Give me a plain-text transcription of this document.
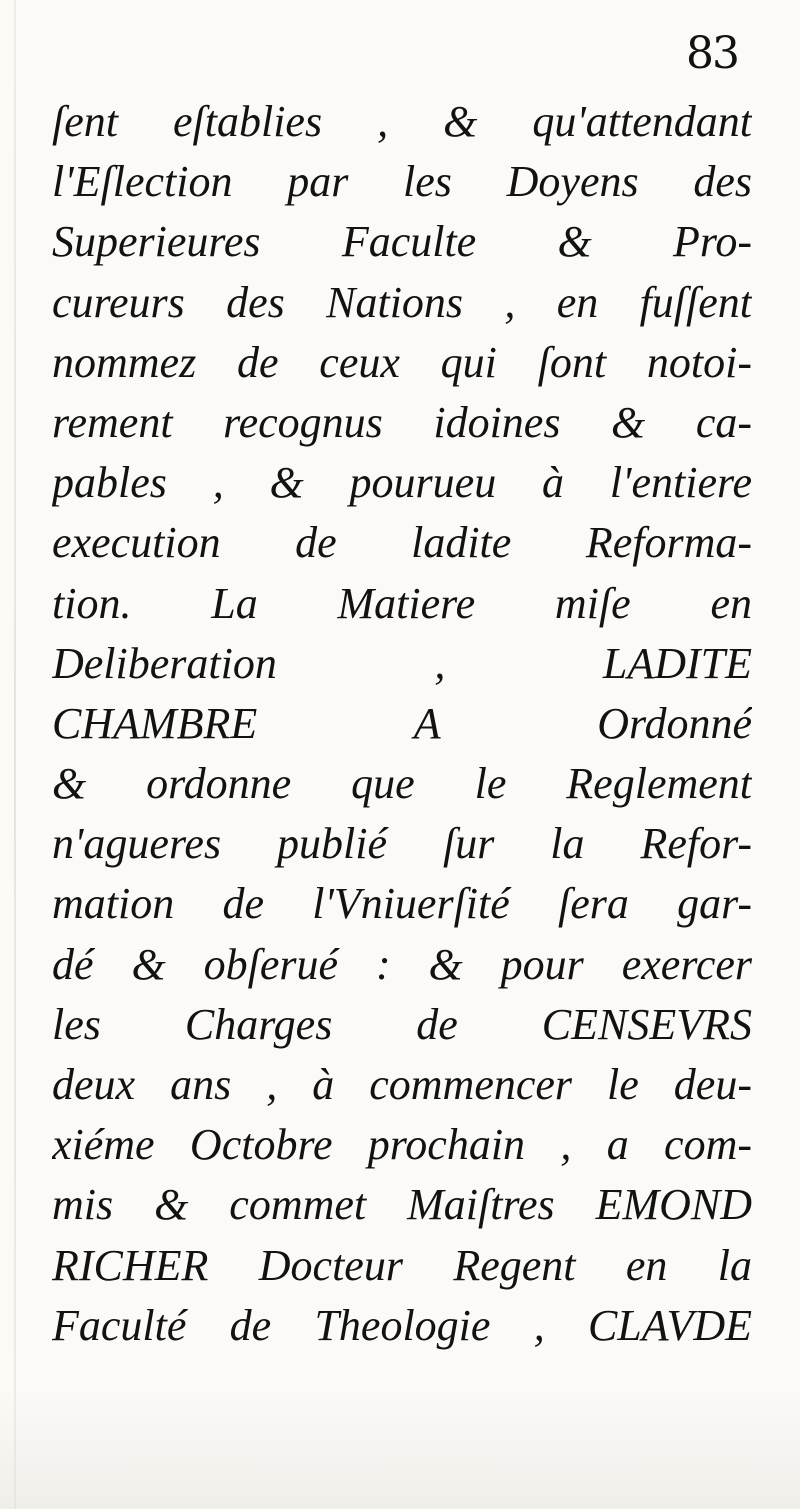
83
ſent eſtablies , & qu'attendant
l'Eſlection par les Doyens des
Superieures Faculte & Pro-
cureurs des Nations , en fuſſent
nommez de ceux qui ſont notoi-
rement recognus idoines & ca-
pables , & pourueu à l'entiere
execution de ladite Reforma-
tion. La Matiere miſe en
Deliberation , LADITE
CHAMBRE A Ordonné
& ordonne que le Reglement
n'agueres publié ſur la Refor-
mation de l'Vniuerſité ſera gar-
dé & obſerué : & pour exercer
les Charges de CENSEVRS
deux ans , à commencer le deu-
xiéme Octobre prochain , a com-
mis & commet Maiſtres EMOND
RICHER Docteur Regent en la
Faculté de Theologie , CLAVDE
